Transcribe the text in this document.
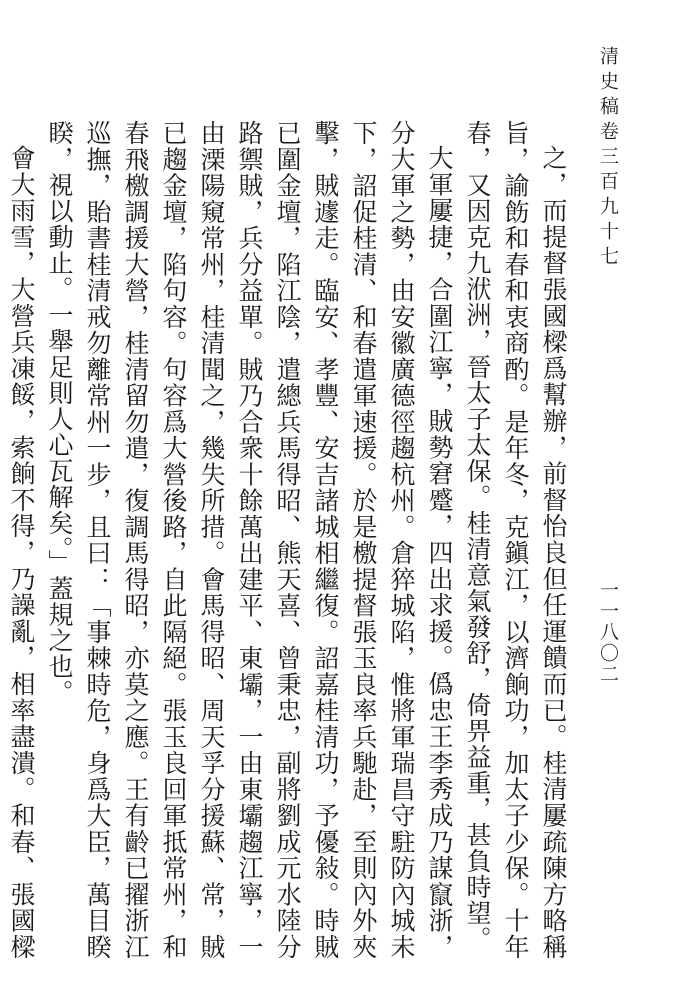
清史稿卷三百九十七
一一八〇二

之，而提督張國樑爲幫辦，前督怡良但任運饋而已。桂清屢疏陳方略稱旨，諭飭和春和衷商酌。是年冬，克鎭江，以濟餉功，加太子少保。十年春，又因克九洑洲，晉太子太保。桂清意氣發舒，倚畀益重，甚負時望。

大軍屢捷，合圍江寧，賊勢窘蹙，四出求援。僞忠王李秀成乃謀竄浙，分大軍之勢，由安徽廣德徑趨杭州。倉猝城陷，惟將軍瑞昌守駐防內城未下，詔促桂清、和春遣軍速援。於是檄提督張玉良率兵馳赴，至則內外夾擊，賊遽走。臨安、孝豐、安吉諸城相繼復。詔嘉桂清功，予優敍。時賊已圍金壇，陷江陰，遣總兵馬得昭、熊天喜、曾秉忠，副將劉成元水陸分路禦賊，兵分益單。賊乃合衆十餘萬出建平、東壩，一由東壩趨江寧，一由溧陽窺常州，桂清聞之，幾失所措。會馬得昭、周天孚分援蘇、常，賊已趨金壇，陷句容。句容爲大營後路，自此隔絕。張玉良回軍抵常州，和春飛檄調援大營，桂清留勿遣，復調馬得昭，亦莫之應。王有齡已擢浙江巡撫，貽書桂清戒勿離常州一步，且曰：「事棘時危，身爲大臣，萬目睽睽，視以動止。一舉足則人心瓦解矣。」蓋規之也。

會大雨雪，大營兵凍餒，索餉不得，乃譟亂，相率盡潰。和春、張國樑
